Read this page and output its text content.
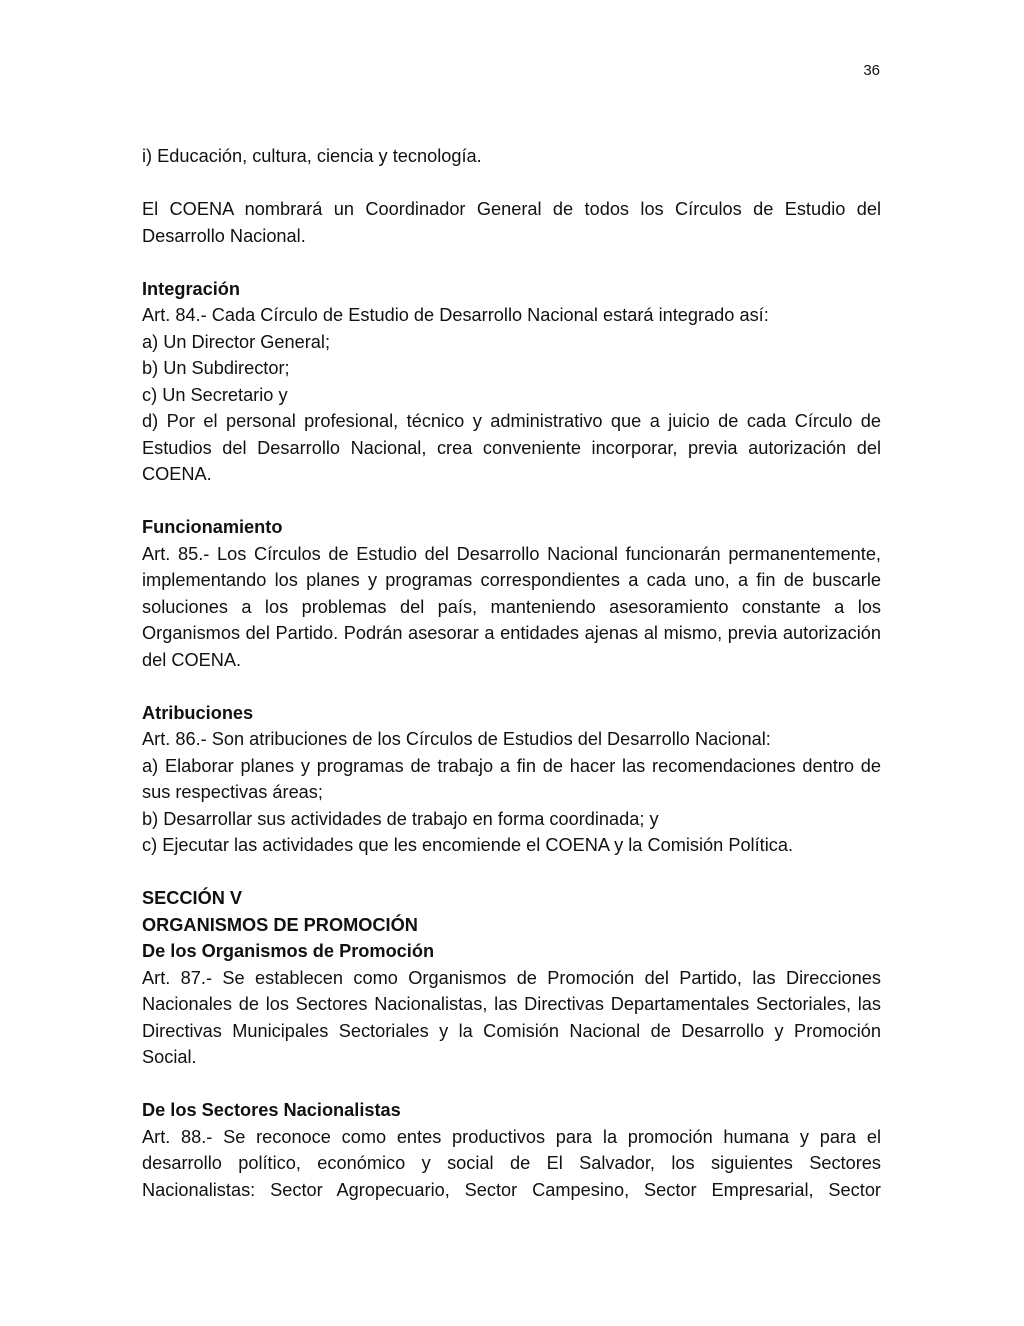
36
i) Educación, cultura, ciencia y tecnología.
El COENA nombrará un Coordinador General de todos los Círculos de Estudio del Desarrollo Nacional.
Integración
Art. 84.- Cada Círculo de Estudio de Desarrollo Nacional estará integrado así:
a) Un Director General;
b) Un Subdirector;
c) Un Secretario y
d) Por el personal profesional, técnico y administrativo que a juicio de cada Círculo de Estudios del Desarrollo Nacional, crea conveniente incorporar, previa autorización del COENA.
Funcionamiento
Art. 85.- Los Círculos de Estudio del Desarrollo Nacional funcionarán permanentemente, implementando los planes y programas correspondientes a cada uno, a fin de buscarle soluciones a los problemas del país, manteniendo asesoramiento constante a los Organismos del Partido. Podrán asesorar a entidades ajenas al mismo, previa autorización del COENA.
Atribuciones
Art. 86.- Son atribuciones de los Círculos de Estudios del Desarrollo Nacional:
a) Elaborar planes y programas de trabajo a fin de hacer las recomendaciones dentro de sus respectivas áreas;
b) Desarrollar sus actividades de trabajo en forma coordinada; y
c) Ejecutar las actividades que les encomiende el COENA y la Comisión Política.
SECCIÓN V
ORGANISMOS DE PROMOCIÓN
De los Organismos de Promoción
Art. 87.- Se establecen como Organismos de Promoción del Partido, las Direcciones Nacionales de los Sectores Nacionalistas, las Directivas Departamentales Sectoriales, las Directivas Municipales Sectoriales y la Comisión Nacional de Desarrollo y Promoción Social.
De los Sectores Nacionalistas
Art. 88.- Se reconoce como entes productivos para la promoción humana y para el desarrollo político, económico y social de El Salvador, los siguientes Sectores Nacionalistas: Sector Agropecuario, Sector Campesino, Sector Empresarial, Sector
